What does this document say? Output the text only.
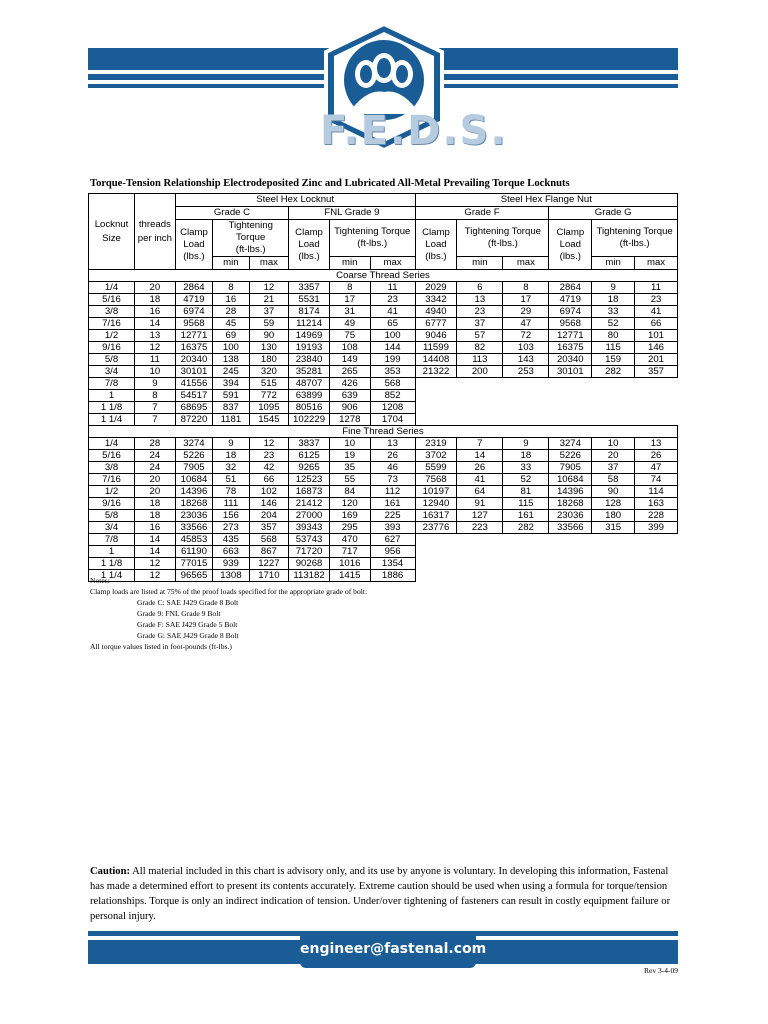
F.E.D.S.
Torque-Tension Relationship Electrodeposited Zinc and Lubricated All-Metal Prevailing Torque Locknuts
Locknut Size	threads per inch	Steel Hex Locknut						Steel Hex Flange Nut					
		Grade C			FNL Grade 9			Grade F			Grade G		
		Clamp
Load
(lbs.)	Tightening Torque
(ft-lbs.)		Clamp
Load
(lbs.)	Tightening Torque
(ft-lbs.)		Clamp
Load
(lbs.)	Tightening Torque
(ft-lbs.)		Clamp
Load
(lbs.)	Tightening Torque
(ft-lbs.)	
			min	max		min	max		min	max		min	max
Coarse Thread Series													
1/4	20	2864	8	12	3357	8	11	2029	6	8	2864	9	11
5/16	18	4719	16	21	5531	17	23	3342	13	17	4719	18	23
3/8	16	6974	28	37	8174	31	41	4940	23	29	6974	33	41
7/16	14	9568	45	59	11214	49	65	6777	37	47	9568	52	66
1/2	13	12771	69	90	14969	75	100	9046	57	72	12771	80	101
9/16	12	16375	100	130	19193	108	144	11599	82	103	16375	115	146
5/8	11	20340	138	180	23840	149	199	14408	113	143	20340	159	201
3/4	10	30101	245	320	35281	265	353	21322	200	253	30101	282	357
7/8	9	41556	394	515	48707	426	568						
1	8	54517	591	772	63899	639	852						
1 1/8	7	68695	837	1095	80516	906	1208						
1 1/4	7	87220	1181	1545	102229	1278	1704						
Fine Thread Series													
1/4	28	3274	9	12	3837	10	13	2319	7	9	3274	10	13
5/16	24	5226	18	23	6125	19	26	3702	14	18	5226	20	26
3/8	24	7905	32	42	9265	35	46	5599	26	33	7905	37	47
7/16	20	10684	51	66	12523	55	73	7568	41	52	10684	58	74
1/2	20	14396	78	102	16873	84	112	10197	64	81	14396	90	114
9/16	18	18268	111	146	21412	120	161	12940	91	115	18268	128	163
5/8	18	23036	156	204	27000	169	225	16317	127	161	23036	180	228
3/4	16	33566	273	357	39343	295	393	23776	223	282	33566	315	399
7/8	14	45853	435	568	53743	470	627						
1	14	61190	663	867	71720	717	956						
1 1/8	12	77015	939	1227	90268	1016	1354						
1 1/4	12	96565	1308	1710	113182	1415	1886						
Notes:
Clamp loads are listed at 75% of the proof loads specified for the appropriate grade of bolt:
Grade C: SAE J429 Grade 8 Bolt
Grade 9: FNL Grade 9 Bolt
Grade F: SAE J429 Grade 5 Bolt
Grade G: SAE J429 Grade 8 Bolt
All torque values listed in foot-pounds (ft-lbs.)
Caution: All material included in this chart is advisory only, and its use by anyone is voluntary. In developing this information, Fastenal has made a determined effort to present its contents accurately. Extreme caution should be used when using a formula for torque/tension relationships. Torque is only an indirect indication of tension. Under/over tightening of fasteners can result in costly equipment failure or personal injury.
engineer@fastenal.com
Rev 3-4-09
